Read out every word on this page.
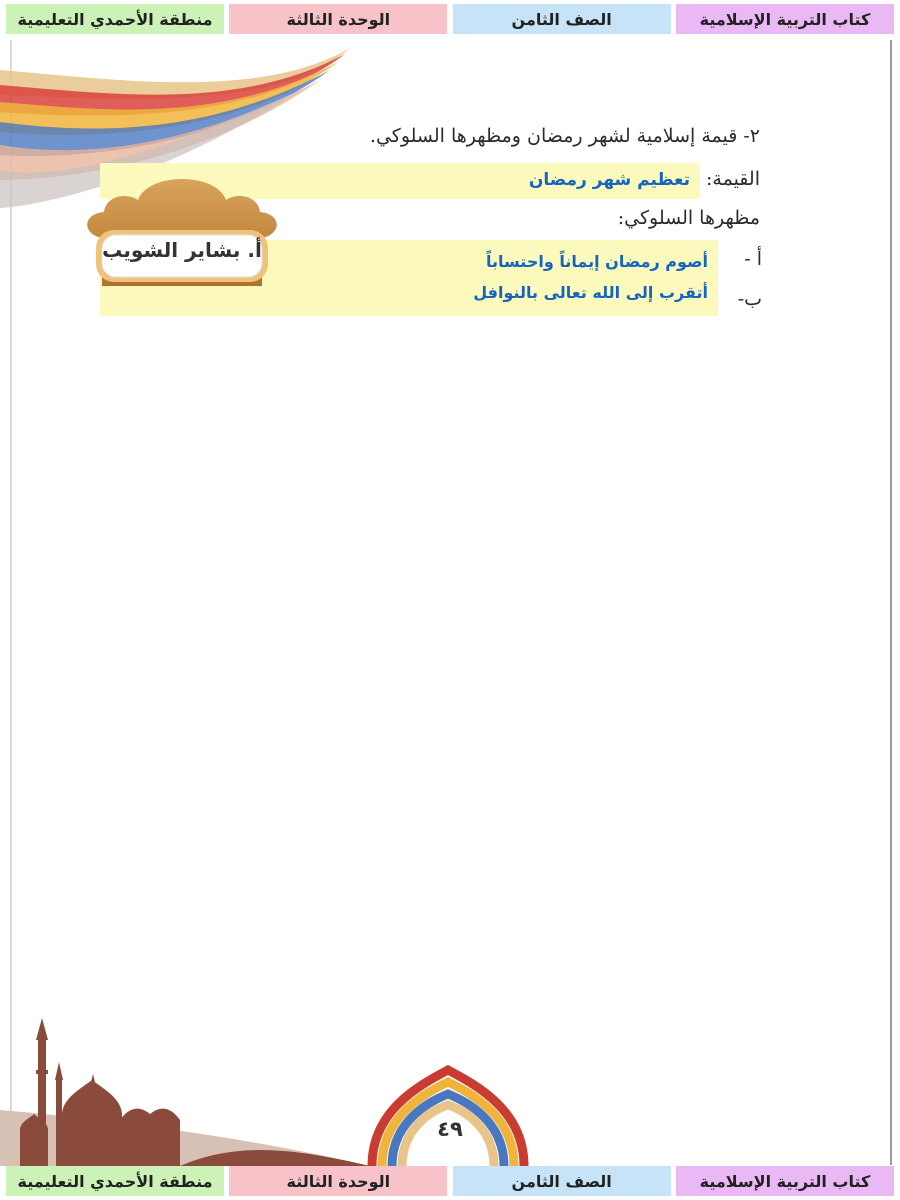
كتاب التربية الإسلامية
الصف الثامن
الوحدة الثالثة
منطقة الأحمدي التعليمية
٢- قيمة إسلامية لشهر رمضان ومظهرها السلوكي.
القيمة:
تعظيم شهر رمضان
مظهرها السلوكي:
أ -
أصوم رمضان إيماناً واحتساباً
ب-
أتقرب إلى الله تعالى بالنوافل
أ. بشاير الشويب
٤٩
كتاب التربية الإسلامية
الصف الثامن
الوحدة الثالثة
منطقة الأحمدي التعليمية
